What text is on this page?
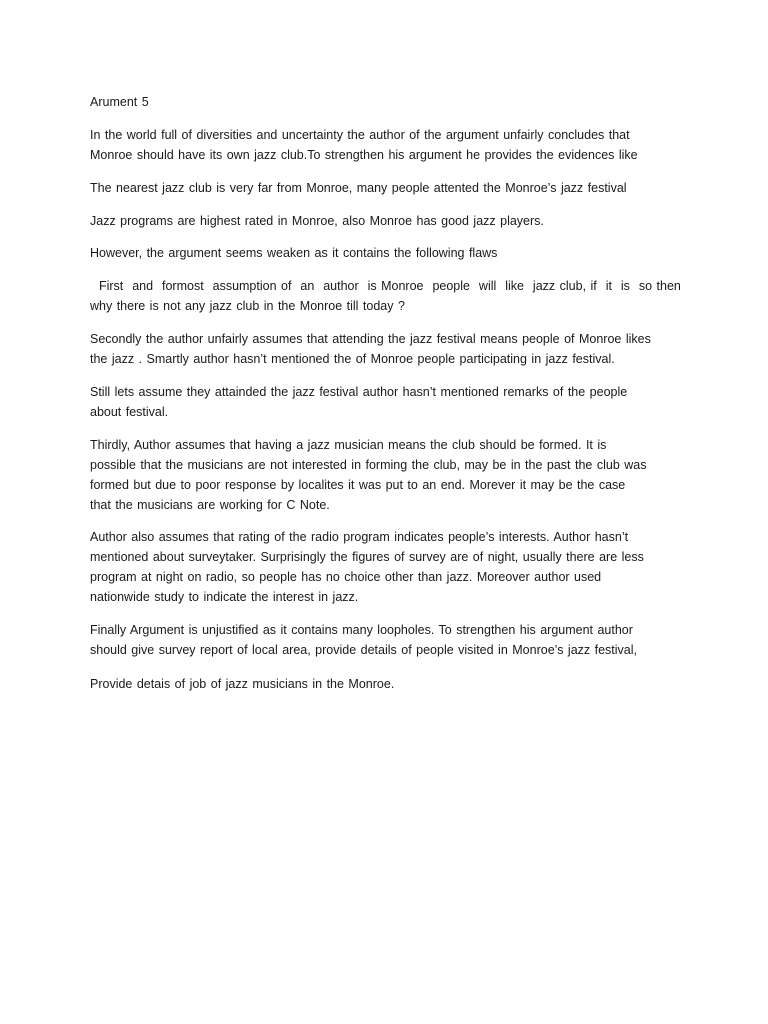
Arument 5

In the world full of diversities and uncertainty the author of the argument unfairly concludes that
Monroe should have its own jazz club.To strengthen his argument he provides the evidences like

The nearest jazz club is very far from Monroe, many people attented the Monroe’s jazz festival

Jazz programs are highest rated in Monroe, also Monroe has good jazz players.

However, the argument seems weaken as it contains the following flaws

First  and  formost  assumption of  an  author  is Monroe  people  will  like  jazz club, if  it  is  so then
why there is not any jazz club in the Monroe till today ?

Secondly the author unfairly assumes that attending the jazz festival means people of Monroe likes
the jazz . Smartly author hasn’t mentioned the of Monroe people participating in jazz festival.

Still lets assume they attainded the jazz festival author hasn’t mentioned remarks of the people
about festival.

Thirdly, Author assumes that having a jazz musician means the club should be formed. It is
possible that the musicians are not interested in forming the club, may be in the past the club was
formed but due to poor response by localites it was put to an end. Morever it may be the case
that the musicians are working for C Note.

Author also assumes that rating of the radio program indicates people’s interests. Author hasn’t
mentioned about surveytaker. Surprisingly the figures of survey are of night, usually there are less
program at night on radio, so people has no choice other than jazz. Moreover author used
nationwide study to indicate the interest in jazz.

Finally Argument is unjustified as it contains many loopholes. To strengthen his argument author
should give survey report of local area, provide details of people visited in Monroe’s jazz festival,

Provide detais of job of jazz musicians in the Monroe.
